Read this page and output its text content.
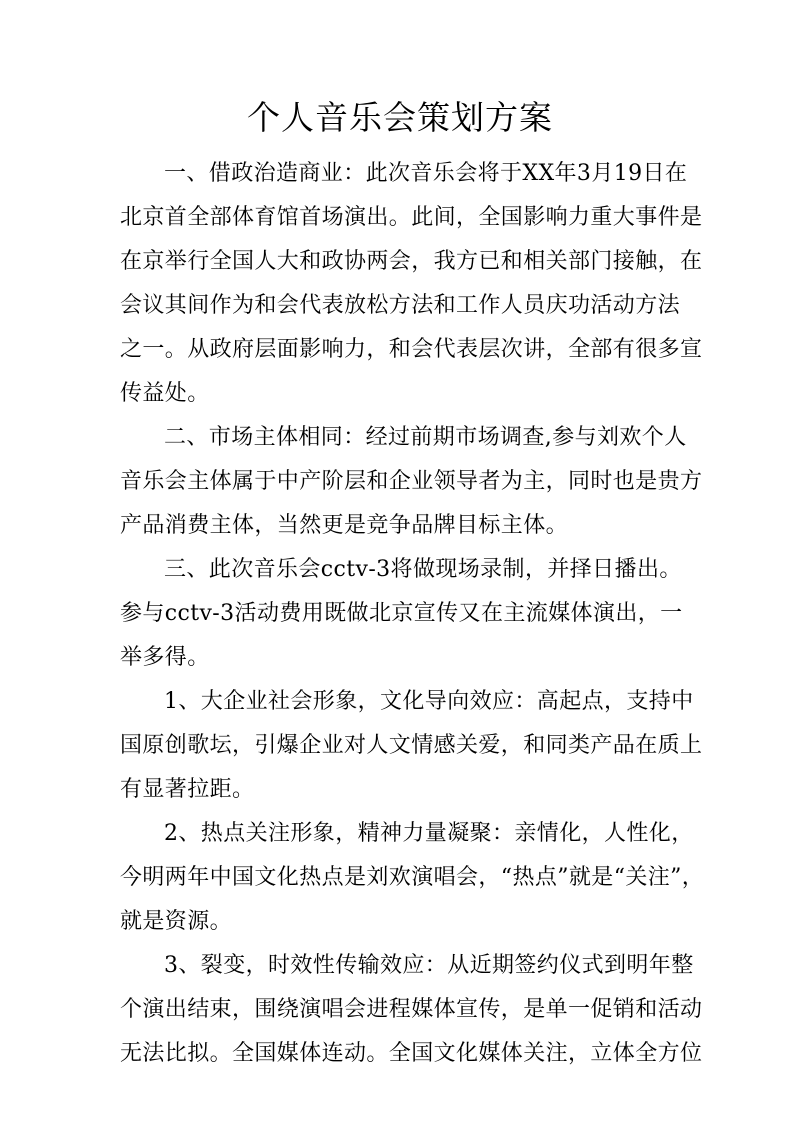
个人音乐会策划方案
一、借政治造商业：此次音乐会将于XX年3月19日在
北京首全部体育馆首场演出。此间，全国影响力重大事件是
在京举行全国人大和政协两会，我方已和相关部门接触，在
会议其间作为和会代表放松方法和工作人员庆功活动方法
之一。从政府层面影响力，和会代表层次讲，全部有很多宣
传益处。
二、市场主体相同：经过前期市场调查,参与刘欢个人
音乐会主体属于中产阶层和企业领导者为主，同时也是贵方
产品消费主体，当然更是竞争品牌目标主体。
三、此次音乐会cctv-3将做现场录制，并择日播出。
参与cctv-3活动费用既做北京宣传又在主流媒体演出，一
举多得。
1、大企业社会形象，文化导向效应：高起点，支持中
国原创歌坛，引爆企业对人文情感关爱，和同类产品在质上
有显著拉距。
2、热点关注形象，精神力量凝聚：亲情化，人性化，
今明两年中国文化热点是刘欢演唱会，“热点”就是“关注”，
就是资源。
3、裂变，时效性传输效应：从近期签约仪式到明年整
个演出结束，围绕演唱会进程媒体宣传，是单一促销和活动
无法比拟。全国媒体连动。全国文化媒体关注，立体全方位
